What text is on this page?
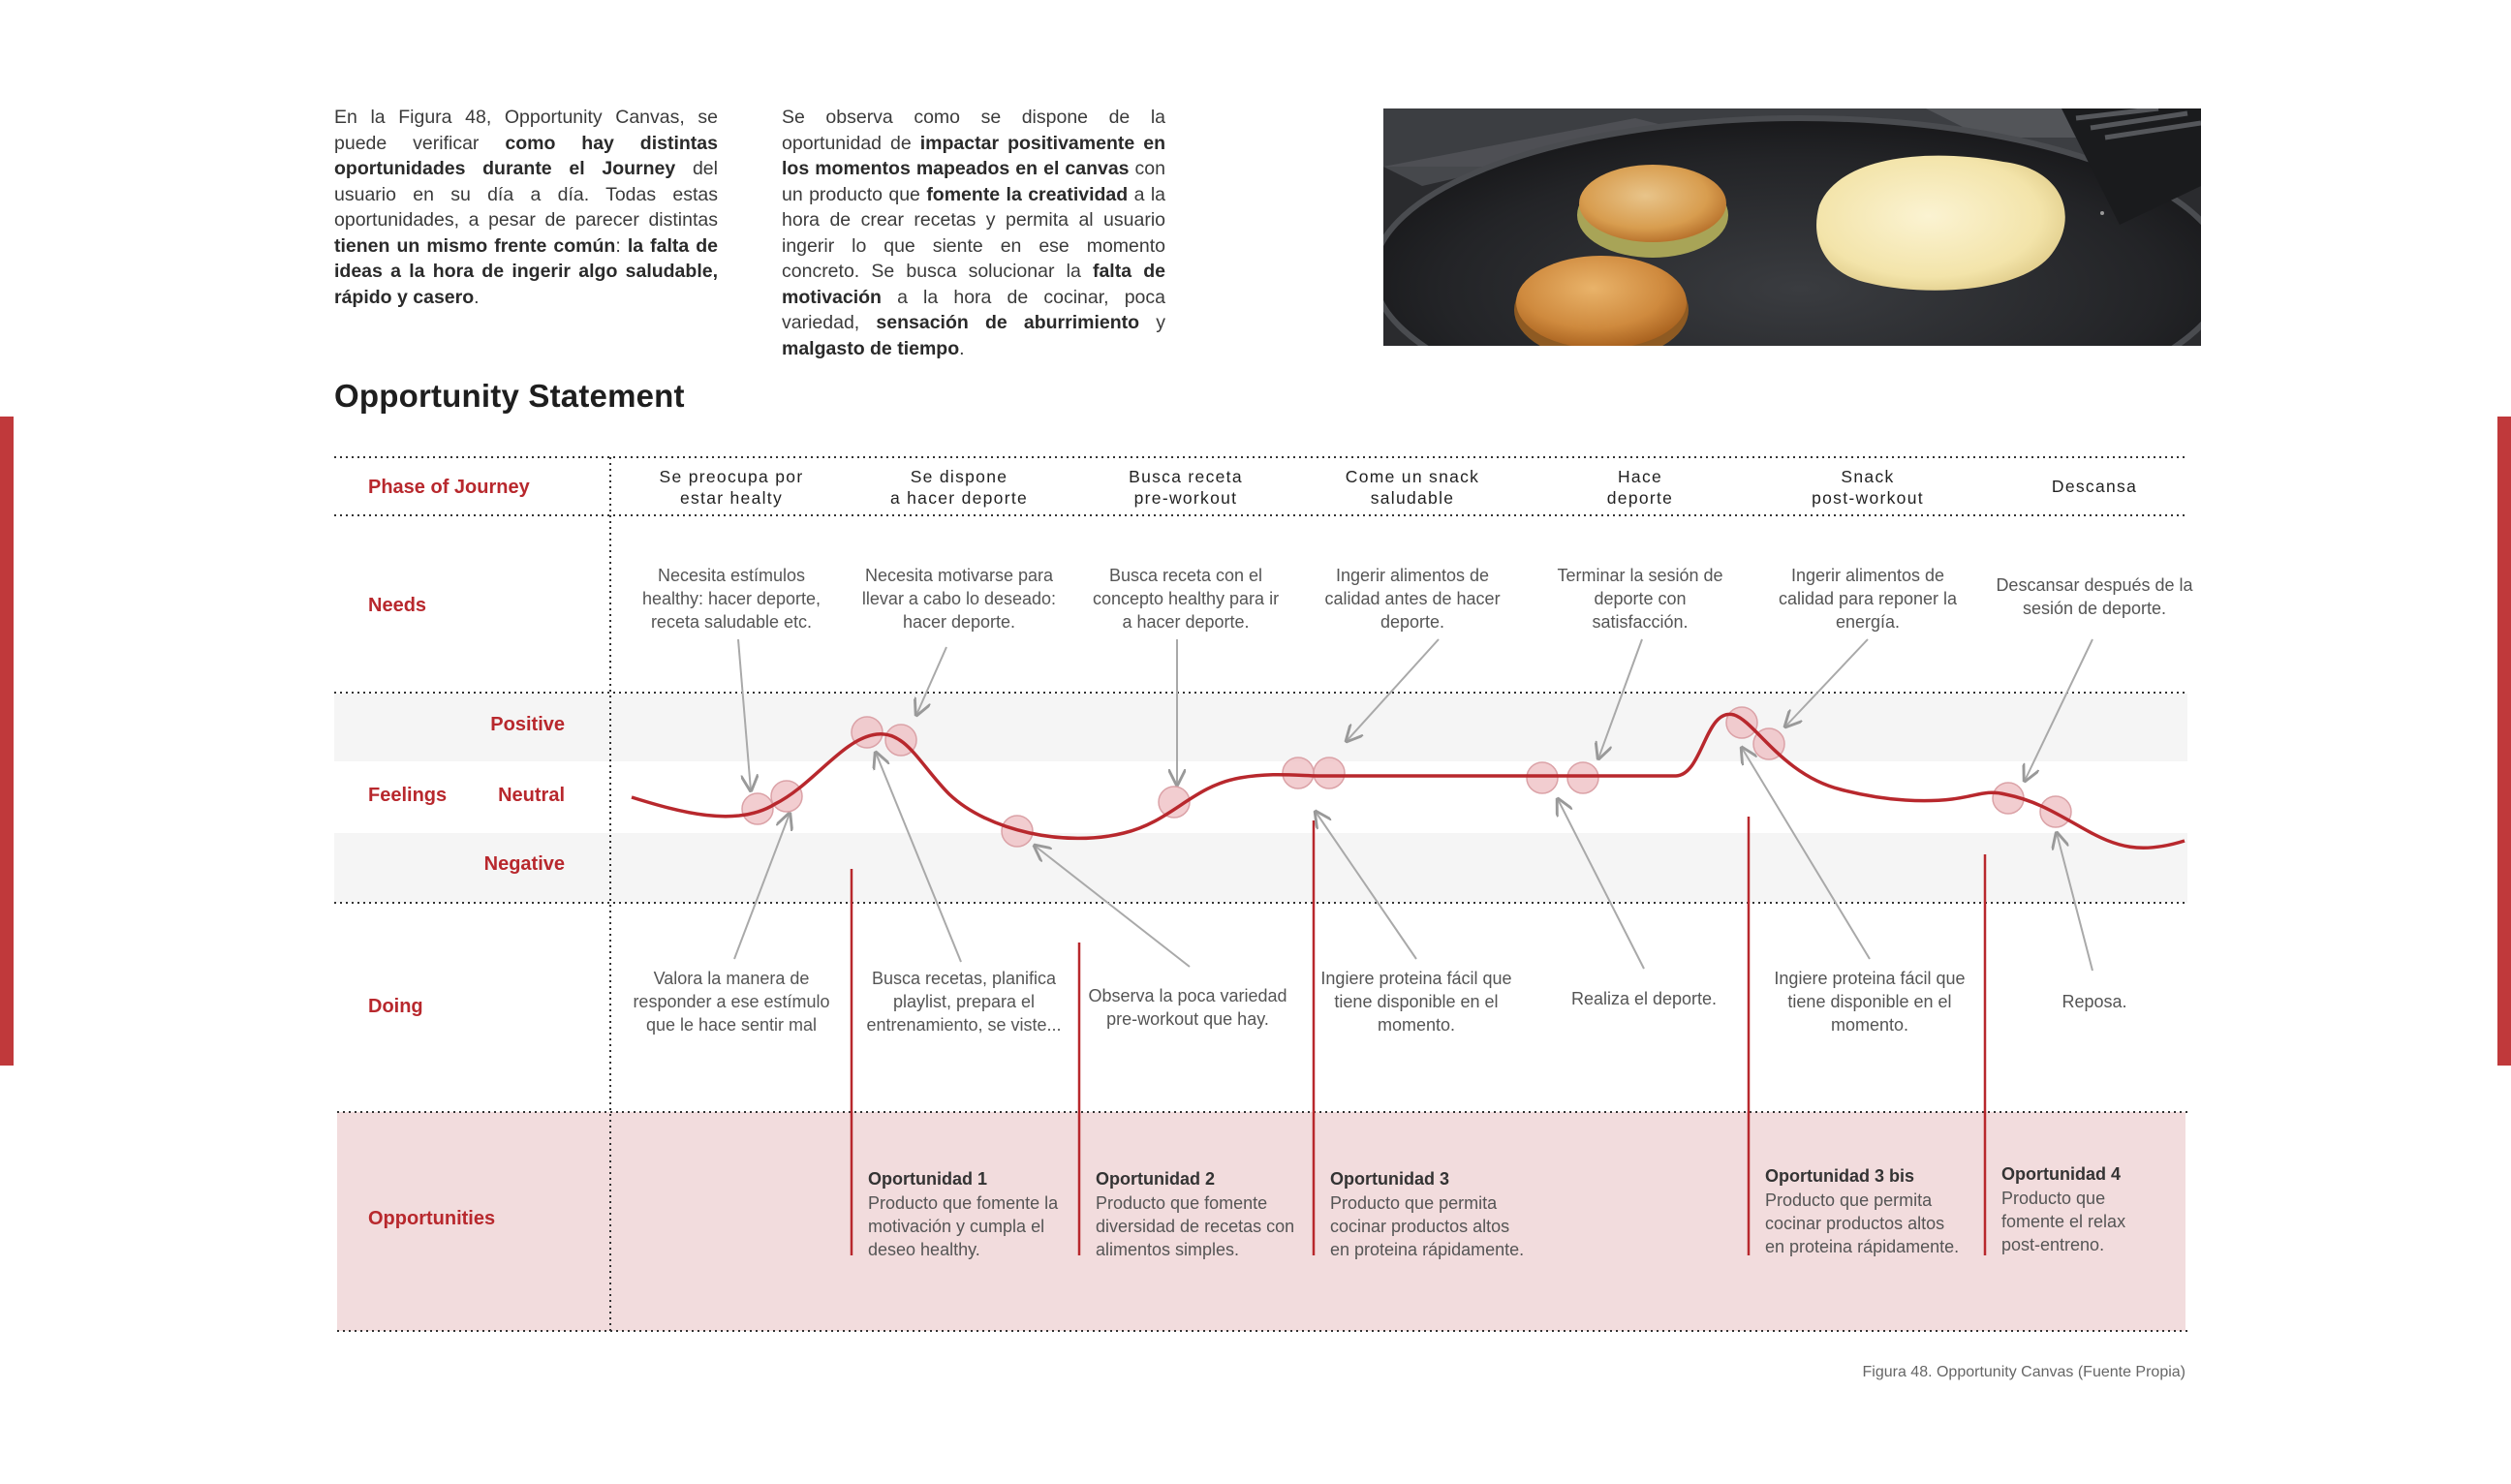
En la Figura 48, Opportunity Canvas, se puede verificar como hay distintas oportunidades durante el Journey del usuario en su día a día. Todas estas oportunidades, a pesar de parecer distintas tienen un mismo frente común: la falta de ideas a la hora de ingerir algo saludable, rápido y casero.
Se observa como se dispone de la oportunidad de impactar positivamente en los momentos mapeados en el canvas con un producto que fomente la creatividad a la hora de crear recetas y permita al usuario ingerir lo que siente en ese momento concreto. Se busca solucionar la falta de motivación a la hora de cocinar, poca variedad, sensación de aburrimiento y malgasto de tiempo.
Opportunity Statement
Phase of Journey
Needs
Feelings
Positive
Neutral
Negative
Doing
Opportunities
Se preocupa por estar healty
Se dispone a hacer deporte
Busca receta pre-workout
Come un snack saludable
Hace deporte
Snack post-workout
Descansa
Necesita estímulos healthy: hacer deporte, receta saludable etc.
Necesita motivarse para llevar a cabo lo deseado: hacer deporte.
Busca receta con el concepto healthy para ir a hacer deporte.
Ingerir alimentos de calidad antes de hacer deporte.
Terminar la sesión de deporte con satisfacción.
Ingerir alimentos de calidad para reponer la energía.
Descansar después de la sesión de deporte.
Valora la manera de responder a ese estímulo que le hace sentir mal
Busca recetas, planifica playlist, prepara el entrenamiento, se viste...
Observa la poca variedad pre-workout que hay.
Ingiere proteina fácil que tiene disponible en el momento.
Realiza el deporte.
Ingiere proteina fácil que tiene disponible en el momento.
Reposa.
Oportunidad 1
Producto que fomente la motivación y cumpla el deseo healthy.
Oportunidad 2
Producto que fomente diversidad de recetas con alimentos simples.
Oportunidad 3
Producto que permita cocinar productos altos en proteina rápidamente.
Oportunidad 3 bis
Producto que permita cocinar productos altos en proteina rápidamente.
Oportunidad 4
Producto que fomente el relax post-entreno.
Figura 48. Opportunity Canvas (Fuente Propia)
